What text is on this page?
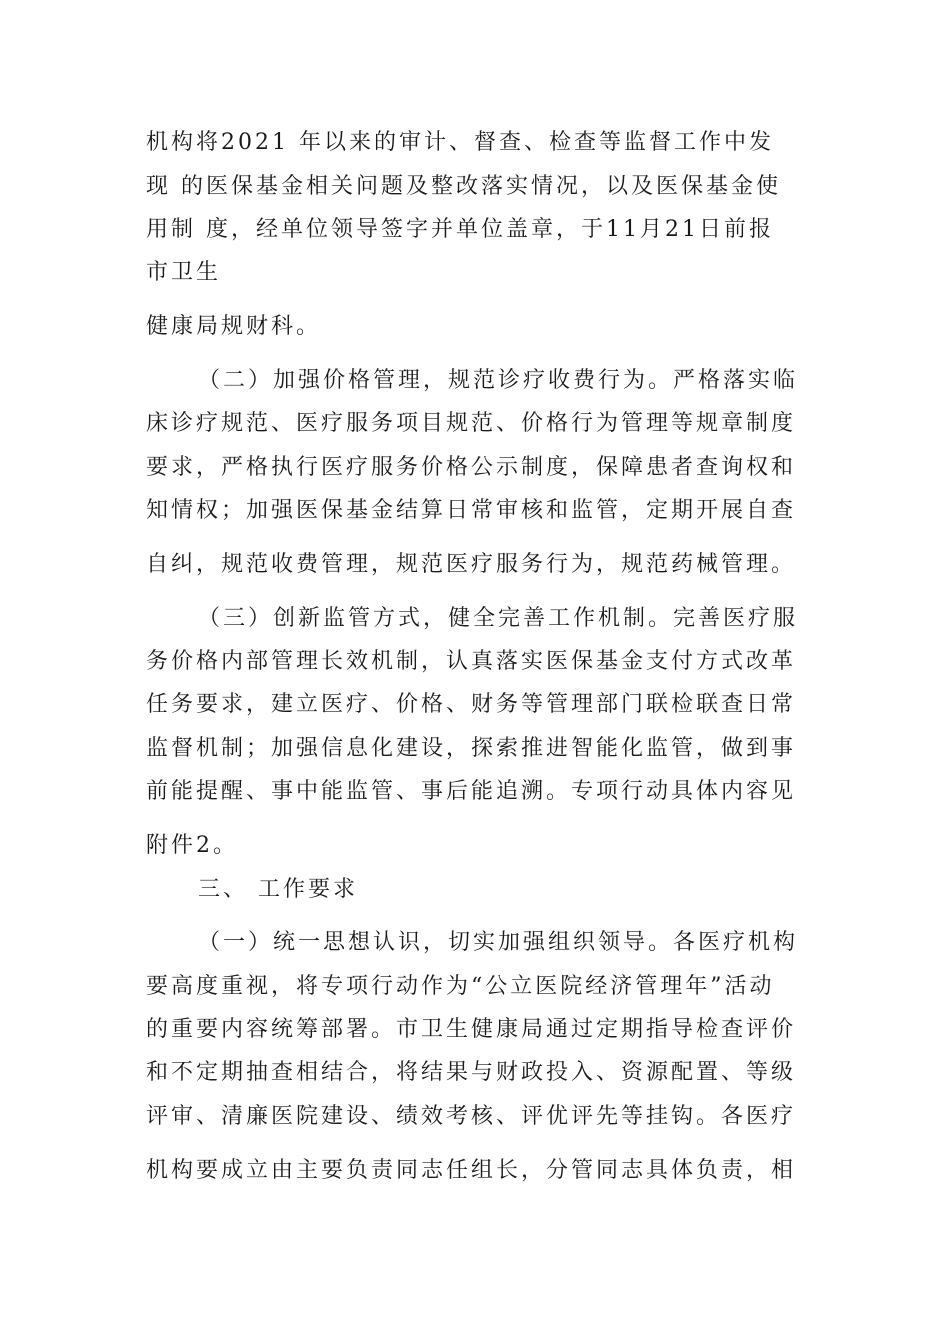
机构将2021 年以来的审计、督查、检查等监督工作中发
现 的医保基金相关问题及整改落实情况，以及医保基金使
用制 度，经单位领导签字并单位盖章，于11月21日前报
市卫生
健康局规财科。
（二）加强价格管理，规范诊疗收费行为。严格落实临
床诊疗规范、医疗服务项目规范、价格行为管理等规章制度
要求，严格执行医疗服务价格公示制度，保障患者查询权和
知情权；加强医保基金结算日常审核和监管，定期开展自查
自纠，规范收费管理，规范医疗服务行为，规范药械管理。
（三）创新监管方式，健全完善工作机制。完善医疗服
务价格内部管理长效机制，认真落实医保基金支付方式改革
任务要求，建立医疗、价格、财务等管理部门联检联查日常
监督机制；加强信息化建设，探索推进智能化监管，做到事
前能提醒、事中能监管、事后能追溯。专项行动具体内容见
附件2。
三、 工作要求
（一）统一思想认识，切实加强组织领导。各医疗机构
要高度重视，将专项行动作为“公立医院经济管理年”活动
的重要内容统筹部署。市卫生健康局通过定期指导检查评价
和不定期抽查相结合，将结果与财政投入、资源配置、等级
评审、清廉医院建设、绩效考核、评优评先等挂钩。各医疗
机构要成立由主要负责同志任组长，分管同志具体负责，相
